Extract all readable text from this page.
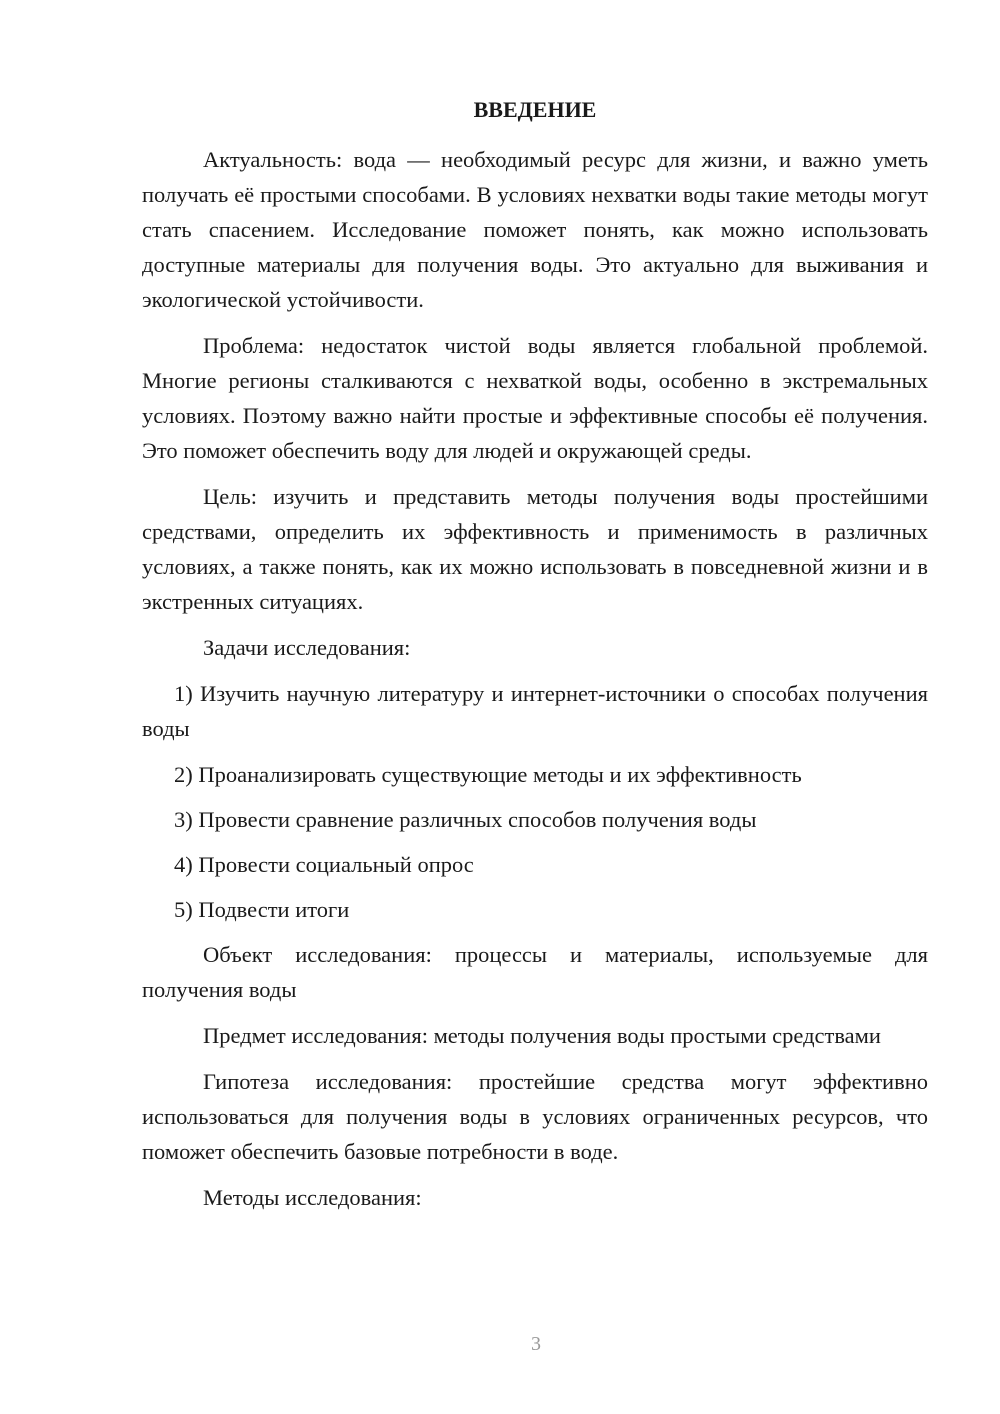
ВВЕДЕНИЕ

Актуальность: вода — необходимый ресурс для жизни, и важно уметь получать её простыми способами. В условиях нехватки воды такие методы могут стать спасением. Исследование поможет понять, как можно использовать доступные материалы для получения воды. Это актуально для выживания и экологической устойчивости.

Проблема: недостаток чистой воды является глобальной проблемой. Многие регионы сталкиваются с нехваткой воды, особенно в экстремальных условиях. Поэтому важно найти простые и эффективные способы её получения. Это поможет обеспечить воду для людей и окружающей среды.

Цель: изучить и представить методы получения воды простейшими средствами, определить их эффективность и применимость в различных условиях, а также понять, как их можно использовать в повседневной жизни и в экстренных ситуациях.

Задачи исследования:

1) Изучить научную литературу и интернет-источники о способах получения воды

2) Проанализировать существующие методы и их эффективность

3) Провести сравнение различных способов получения воды

4) Провести социальный опрос

5) Подвести итоги

Объект исследования: процессы и материалы, используемые для получения воды

Предмет исследования: методы получения воды простыми средствами

Гипотеза исследования: простейшие средства могут эффективно использоваться для получения воды в условиях ограниченных ресурсов, что поможет обеспечить базовые потребности в воде.

Методы исследования:

3
